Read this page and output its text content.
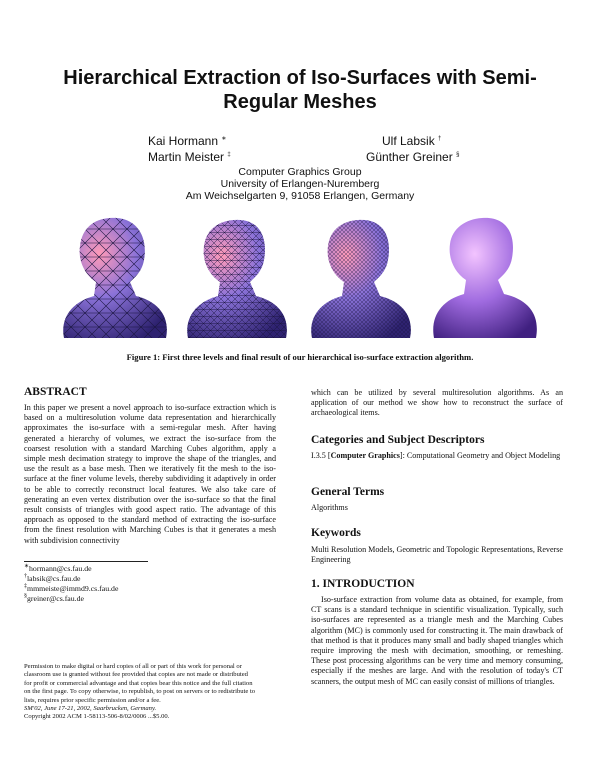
Hierarchical Extraction of Iso-Surfaces with Semi-Regular Meshes
Kai Hormann ∗	Ulf Labsik †
Martin Meister ‡	Günther Greiner §
Computer Graphics Group
University of Erlangen-Nuremberg
Am Weichselgarten 9, 91058 Erlangen, Germany
Figure 1: First three levels and final result of our hierarchical iso-surface extraction algorithm.
ABSTRACT
In this paper we present a novel approach to iso-surface extraction which is based on a multiresolution volume data representation and hierarchically approximates the iso-surface with a semi-regular mesh. After having generated a hierarchy of volumes, we extract the iso-surface from the coarsest resolution with a standard Marching Cubes algorithm, apply a simple mesh decimation strategy to improve the shape of the triangles, and use the result as a base mesh. Then we iteratively fit the mesh to the iso-surface at the finer volume levels, thereby subdividing it adaptively in order to be able to correctly reconstruct local features. We also take care of generating an even vertex distribution over the iso-surface so that the final result consists of triangles with good aspect ratio. The advantage of this approach as opposed to the standard method of extracting the iso-surface from the finest resolution with Marching Cubes is that it generates a mesh with subdivision connectivity
∗hormann@cs.fau.de
†labsik@cs.fau.de
‡mmmeiste@immd9.cs.fau.de
§greiner@cs.fau.de
Permission to make digital or hard copies of all or part of this work for personal or classroom use is granted without fee provided that copies are not made or distributed for profit or commercial advantage and that copies bear this notice and the full citation on the first page. To copy otherwise, to republish, to post on servers or to redistribute to lists, requires prior specific permission and/or a fee.
SM'02, June 17-21, 2002, Saarbrucken, Germany.
Copyright 2002 ACM 1-58113-506-8/02/0006 ...$5.00.
which can be utilized by several multiresolution algorithms. As an application of our method we show how to reconstruct the surface of archaeological items.
Categories and Subject Descriptors
I.3.5 [Computer Graphics]: Computational Geometry and Object Modeling
General Terms
Algorithms
Keywords
Multi Resolution Models, Geometric and Topologic Representations, Reverse Engineering
1. INTRODUCTION
Iso-surface extraction from volume data as obtained, for example, from CT scans is a standard technique in scientific visualization. Typically, such iso-surfaces are represented as a triangle mesh and the Marching Cubes algorithm (MC) is commonly used for constructing it. The main drawback of that method is that it produces many small and badly shaped triangles which require improving the mesh with decimation, smoothing, or remeshing. These post processing algorithms can be very time and memory consuming, especially if the meshes are large. And with the resolution of today's CT scanners, the output mesh of MC can easily consist of millions of triangles.
